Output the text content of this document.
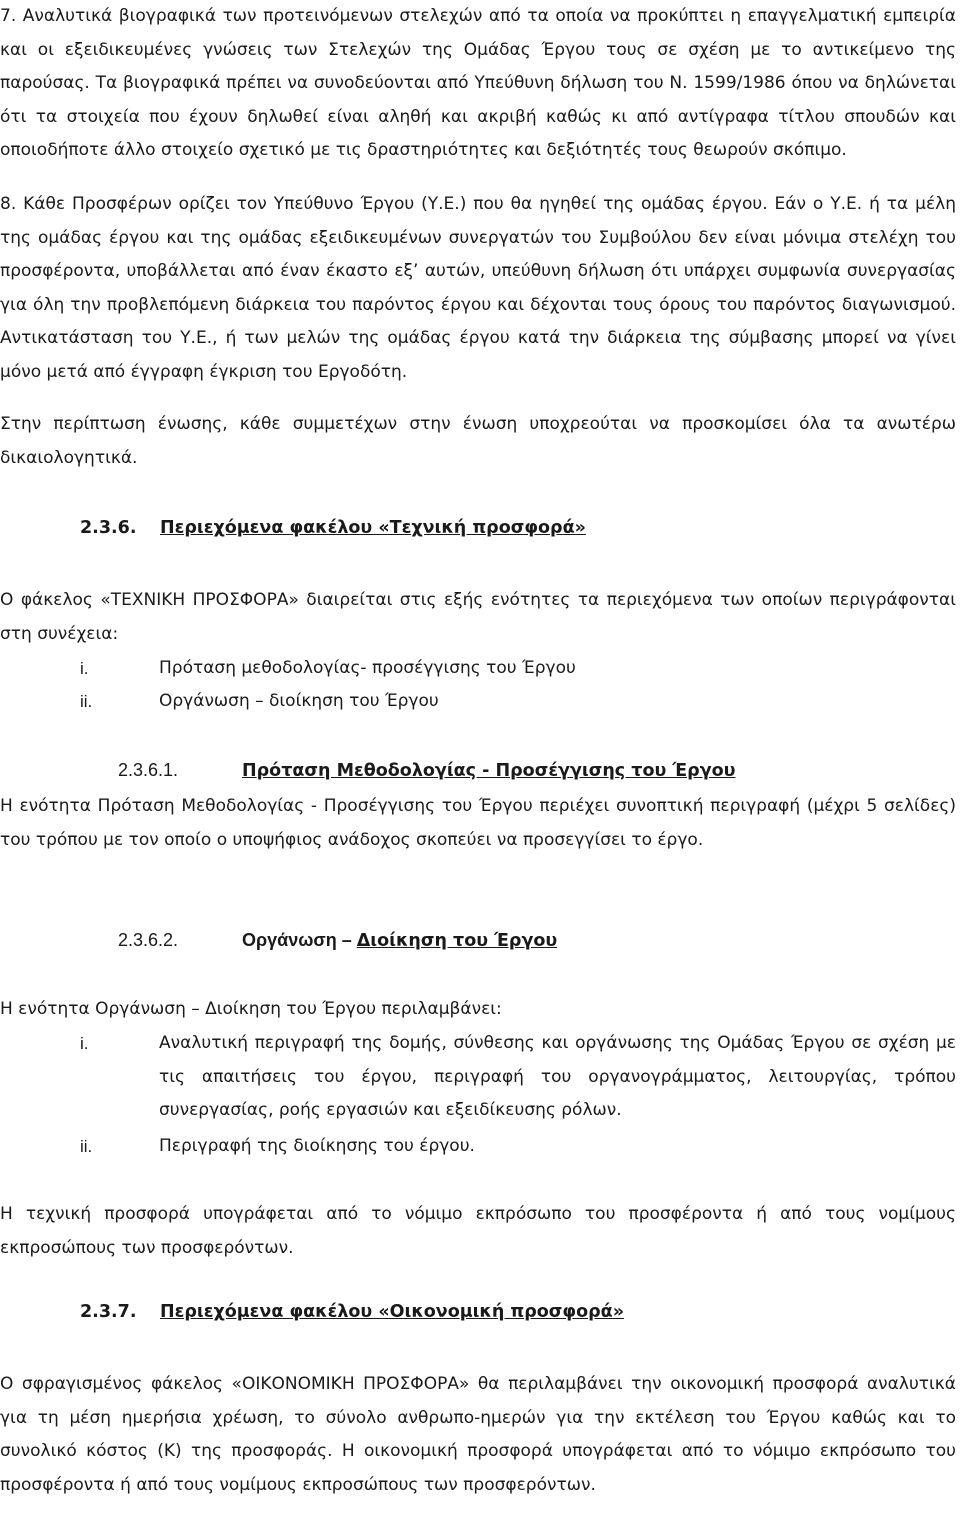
7. Αναλυτικά βιογραφικά των προτεινόμενων στελεχών από τα οποία να προκύπτει η επαγγελματική εμπειρία και οι εξειδικευμένες γνώσεις των Στελεχών της Ομάδας Έργου τους σε σχέση με το αντικείμενο της παρούσας. Τα βιογραφικά πρέπει να συνοδεύονται από Υπεύθυνη δήλωση του Ν. 1599/1986 όπου να δηλώνεται ότι τα στοιχεία που έχουν δηλωθεί είναι αληθή και ακριβή καθώς κι από αντίγραφα τίτλου σπουδών και οποιοδήποτε άλλο στοιχείο σχετικό με τις δραστηριότητες και δεξιότητές τους θεωρούν σκόπιμο.
8. Κάθε Προσφέρων ορίζει τον Υπεύθυνο Έργου (Υ.Ε.) που θα ηγηθεί της ομάδας έργου. Εάν ο Υ.Ε. ή τα μέλη της ομάδας έργου και της ομάδας εξειδικευμένων συνεργατών του Συμβούλου δεν είναι μόνιμα στελέχη του προσφέροντα, υποβάλλεται από έναν έκαστο εξ’ αυτών, υπεύθυνη δήλωση ότι υπάρχει συμφωνία συνεργασίας για όλη την προβλεπόμενη διάρκεια του παρόντος έργου και δέχονται τους όρους του παρόντος διαγωνισμού. Αντικατάσταση του Υ.Ε., ή των μελών της ομάδας έργου κατά την διάρκεια της σύμβασης μπορεί να γίνει μόνο μετά από έγγραφη έγκριση του Εργοδότη.
Στην περίπτωση ένωσης, κάθε συμμετέχων στην ένωση υποχρεούται να προσκομίσει όλα τα ανωτέρω δικαιολογητικά.
2.3.6. Περιεχόμενα φακέλου «Τεχνική προσφορά»
Ο φάκελος «ΤΕΧΝΙΚΗ ΠΡΟΣΦΟΡΑ» διαιρείται στις εξής ενότητες τα περιεχόμενα των οποίων περιγράφονται στη συνέχεια:
i.	Πρόταση μεθοδολογίας- προσέγγισης του Έργου
ii.	Οργάνωση – διοίκηση του Έργου
2.3.6.1.	Πρόταση Μεθοδολογίας - Προσέγγισης του Έργου
Η ενότητα Πρόταση Μεθοδολογίας - Προσέγγισης του Έργου περιέχει συνοπτική περιγραφή (μέχρι 5 σελίδες) του τρόπου με τον οποίο ο υποψήφιος ανάδοχος σκοπεύει να προσεγγίσει το έργο.
2.3.6.2.	Οργάνωση – Διοίκηση του Έργου
Η ενότητα Οργάνωση – Διοίκηση του Έργου περιλαμβάνει:
i.	Αναλυτική περιγραφή της δομής, σύνθεσης και οργάνωσης της Ομάδας Έργου σε σχέση με τις απαιτήσεις του έργου, περιγραφή του οργανογράμματος, λειτουργίας, τρόπου συνεργασίας, ροής εργασιών και εξειδίκευσης ρόλων.
ii.	Περιγραφή της διοίκησης του έργου.
Η τεχνική προσφορά υπογράφεται από το νόμιμο εκπρόσωπο του προσφέροντα ή από τους νομίμους εκπροσώπους των προσφερόντων.
2.3.7. Περιεχόμενα φακέλου «Οικονομική προσφορά»
Ο σφραγισμένος φάκελος «ΟΙΚΟΝΟΜΙΚΗ ΠΡΟΣΦΟΡΑ» θα περιλαμβάνει την οικονομική προσφορά αναλυτικά για τη μέση ημερήσια χρέωση, το σύνολο ανθρωπο-ημερών για την εκτέλεση του Έργου καθώς και το συνολικό κόστος (Κ) της προσφοράς. Η οικονομική προσφορά υπογράφεται από το νόμιμο εκπρόσωπο του προσφέροντα ή από τους νομίμους εκπροσώπους των προσφερόντων.
